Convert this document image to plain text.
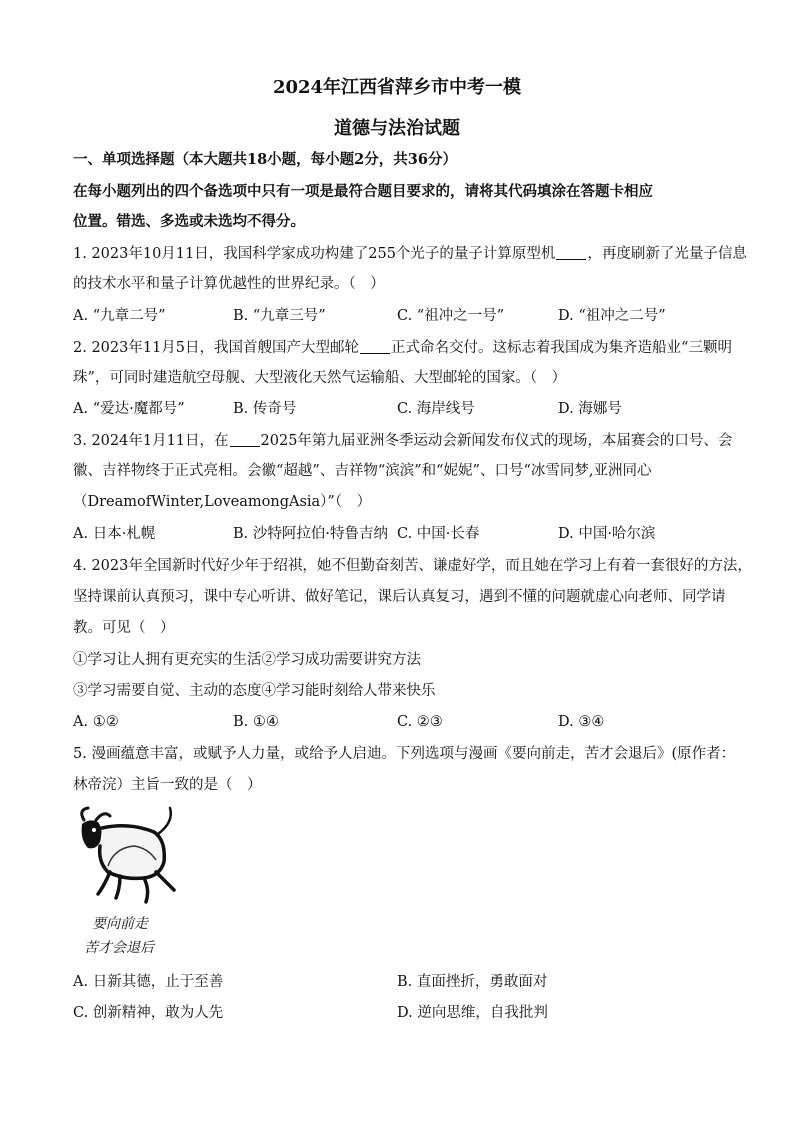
2024年江西省萍乡市中考一模
道德与法治试题
一、单项选择题（本大题共18小题，每小题2分，共36分）
在每小题列出的四个备选项中只有一项是最符合题目要求的，请将其代码填涂在答题卡相应
位置。错选、多选或未选均不得分。
1. 2023年10月11日，我国科学家成功构建了255个光子的量子计算原型机 ，再度刷新了光量子信息
的技术水平和量子计算优越性的世界纪录。（　）
A. “九章二号”	B. “九章三号”	C. “祖冲之一号”	D. “祖冲之二号”
2. 2023年11月5日，我国首艘国产大型邮轮 正式命名交付。这标志着我国成为集齐造船业“三颗明
珠”，可同时建造航空母舰、大型液化天然气运输船、大型邮轮的国家。（　）
A. “爱达·魔都号”	B. 传奇号	C. 海岸线号	D. 海娜号
3. 2024年1月11日，在 2025年第九届亚洲冬季运动会新闻发布仪式的现场，本届赛会的口号、会
徽、吉祥物终于正式亮相。会徽“超越”、吉祥物“滨滨”和“妮妮”、口号“冰雪同梦,亚洲同心
（DreamofWinter,LoveamongAsia）”（　）
A. 日本·札幌	B. 沙特阿拉伯·特鲁吉纳 C. 中国·长春	D. 中国·哈尔滨
4. 2023年全国新时代好少年于绍祺，她不但勤奋刻苦、谦虚好学，而且她在学习上有着一套很好的方法，
坚持课前认真预习，课中专心听讲、做好笔记，课后认真复习，遇到不懂的问题就虚心向老师、同学请
教。可见（　）
①学习让人拥有更充实的生活②学习成功需要讲究方法
③学习需要自觉、主动的态度④学习能时刻给人带来快乐
A. ①②	B. ①④	C. ②③	D. ③④
5. 漫画蕴意丰富，或赋予人力量，或给予人启迪。下列选项与漫画《要向前走，苦才会退后》(原作者：
林帝浣）主旨一致的是（　）
要向前走
苦才会退后
A. 日新其德，止于至善	B. 直面挫折，勇敢面对
C. 创新精神，敢为人先	D. 逆向思维，自我批判
